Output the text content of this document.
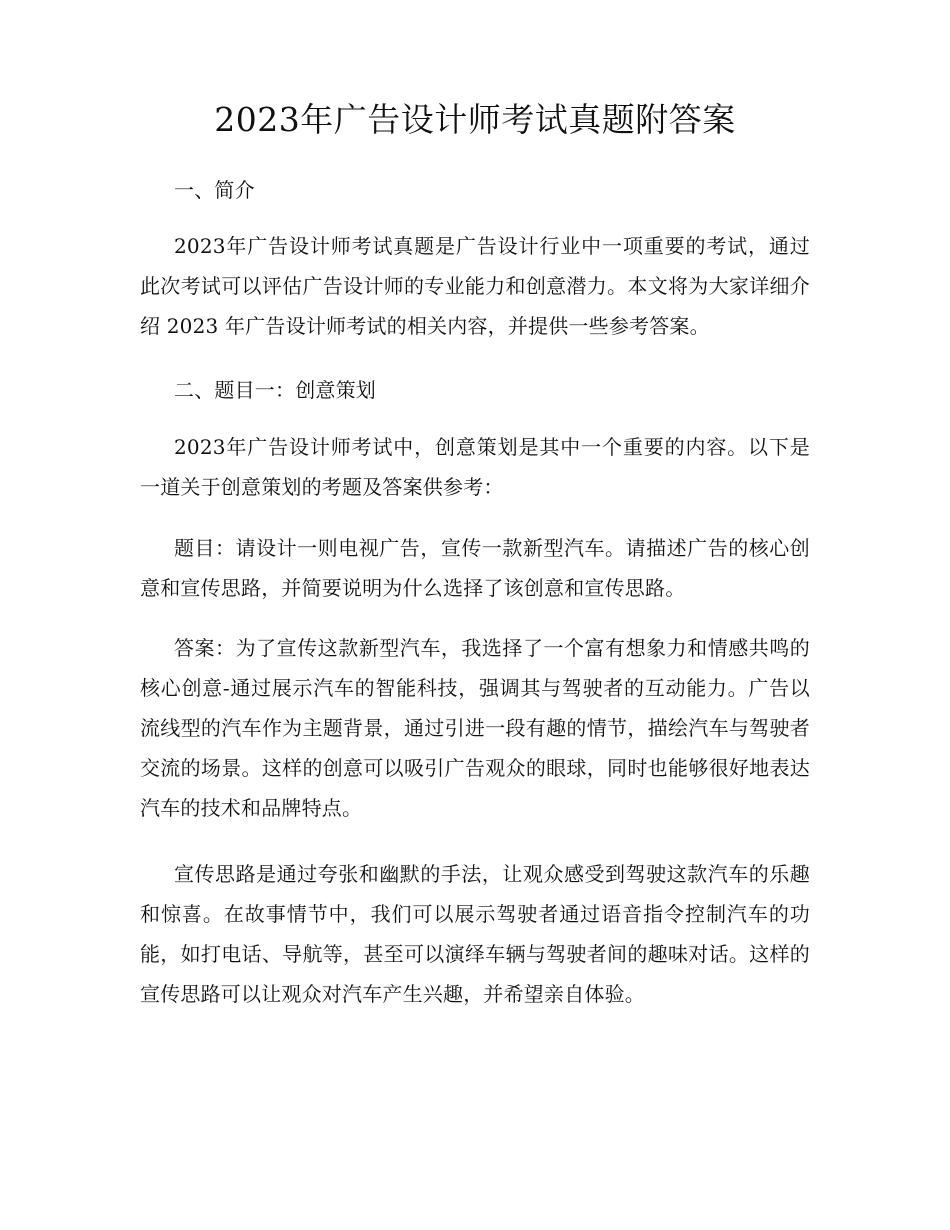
2023年广告设计师考试真题附答案

一、简介

2023年广告设计师考试真题是广告设计行业中一项重要的考试，通过此次考试可以评估广告设计师的专业能力和创意潜力。本文将为大家详细介绍 2023 年广告设计师考试的相关内容，并提供一些参考答案。

二、题目一：创意策划

2023年广告设计师考试中，创意策划是其中一个重要的内容。以下是一道关于创意策划的考题及答案供参考：

题目：请设计一则电视广告，宣传一款新型汽车。请描述广告的核心创意和宣传思路，并简要说明为什么选择了该创意和宣传思路。

答案：为了宣传这款新型汽车，我选择了一个富有想象力和情感共鸣的核心创意-通过展示汽车的智能科技，强调其与驾驶者的互动能力。广告以流线型的汽车作为主题背景，通过引进一段有趣的情节，描绘汽车与驾驶者交流的场景。这样的创意可以吸引广告观众的眼球，同时也能够很好地表达汽车的技术和品牌特点。

宣传思路是通过夸张和幽默的手法，让观众感受到驾驶这款汽车的乐趣和惊喜。在故事情节中，我们可以展示驾驶者通过语音指令控制汽车的功能，如打电话、导航等，甚至可以演绎车辆与驾驶者间的趣味对话。这样的宣传思路可以让观众对汽车产生兴趣，并希望亲自体验。
